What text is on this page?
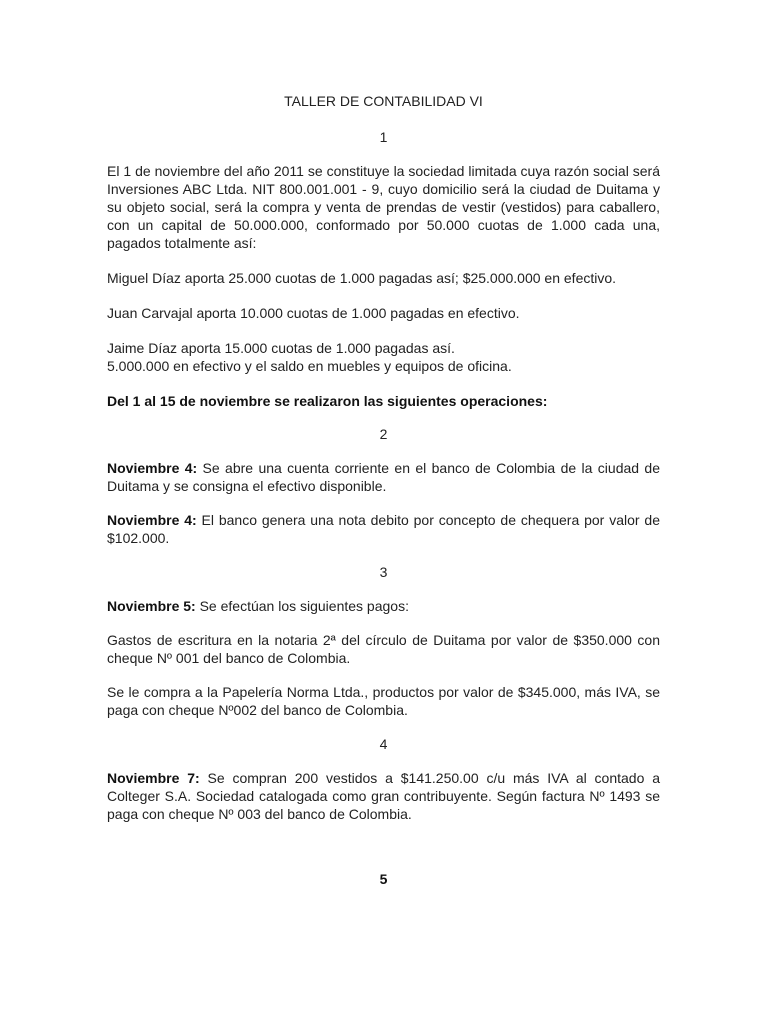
TALLER DE CONTABILIDAD VI

1

El 1 de noviembre del año 2011 se constituye la sociedad limitada cuya razón social será Inversiones ABC Ltda. NIT 800.001.001 - 9, cuyo domicilio será la ciudad de Duitama y su objeto social, será la compra y venta de prendas de vestir (vestidos) para caballero, con un capital de 50.000.000, conformado por 50.000 cuotas de 1.000 cada una, pagados totalmente así:

Miguel Díaz aporta 25.000 cuotas de 1.000 pagadas así; $25.000.000 en efectivo.

Juan Carvajal aporta 10.000 cuotas de 1.000 pagadas en efectivo.

Jaime Díaz aporta 15.000 cuotas de 1.000 pagadas así.

5.000.000 en efectivo y el saldo en muebles y equipos de oficina.

Del 1 al 15 de noviembre se realizaron las siguientes operaciones:

2

Noviembre 4: Se abre una cuenta corriente en el banco de Colombia de la ciudad de Duitama y se consigna el efectivo disponible.

Noviembre 4: El banco genera una nota debito por concepto de chequera por valor de $102.000.

3

Noviembre 5: Se efectúan los siguientes pagos:

Gastos de escritura en la notaria 2ª del círculo de Duitama por valor de $350.000 con cheque Nº 001 del banco de Colombia.

Se le compra a la Papelería Norma Ltda., productos por valor de $345.000, más IVA, se paga con cheque Nº002 del banco de Colombia.

4

Noviembre 7: Se compran 200 vestidos a $141.250.00 c/u más IVA al contado a Colteger S.A. Sociedad catalogada como gran contribuyente. Según factura Nº 1493 se paga con cheque Nº 003 del banco de Colombia.

5
